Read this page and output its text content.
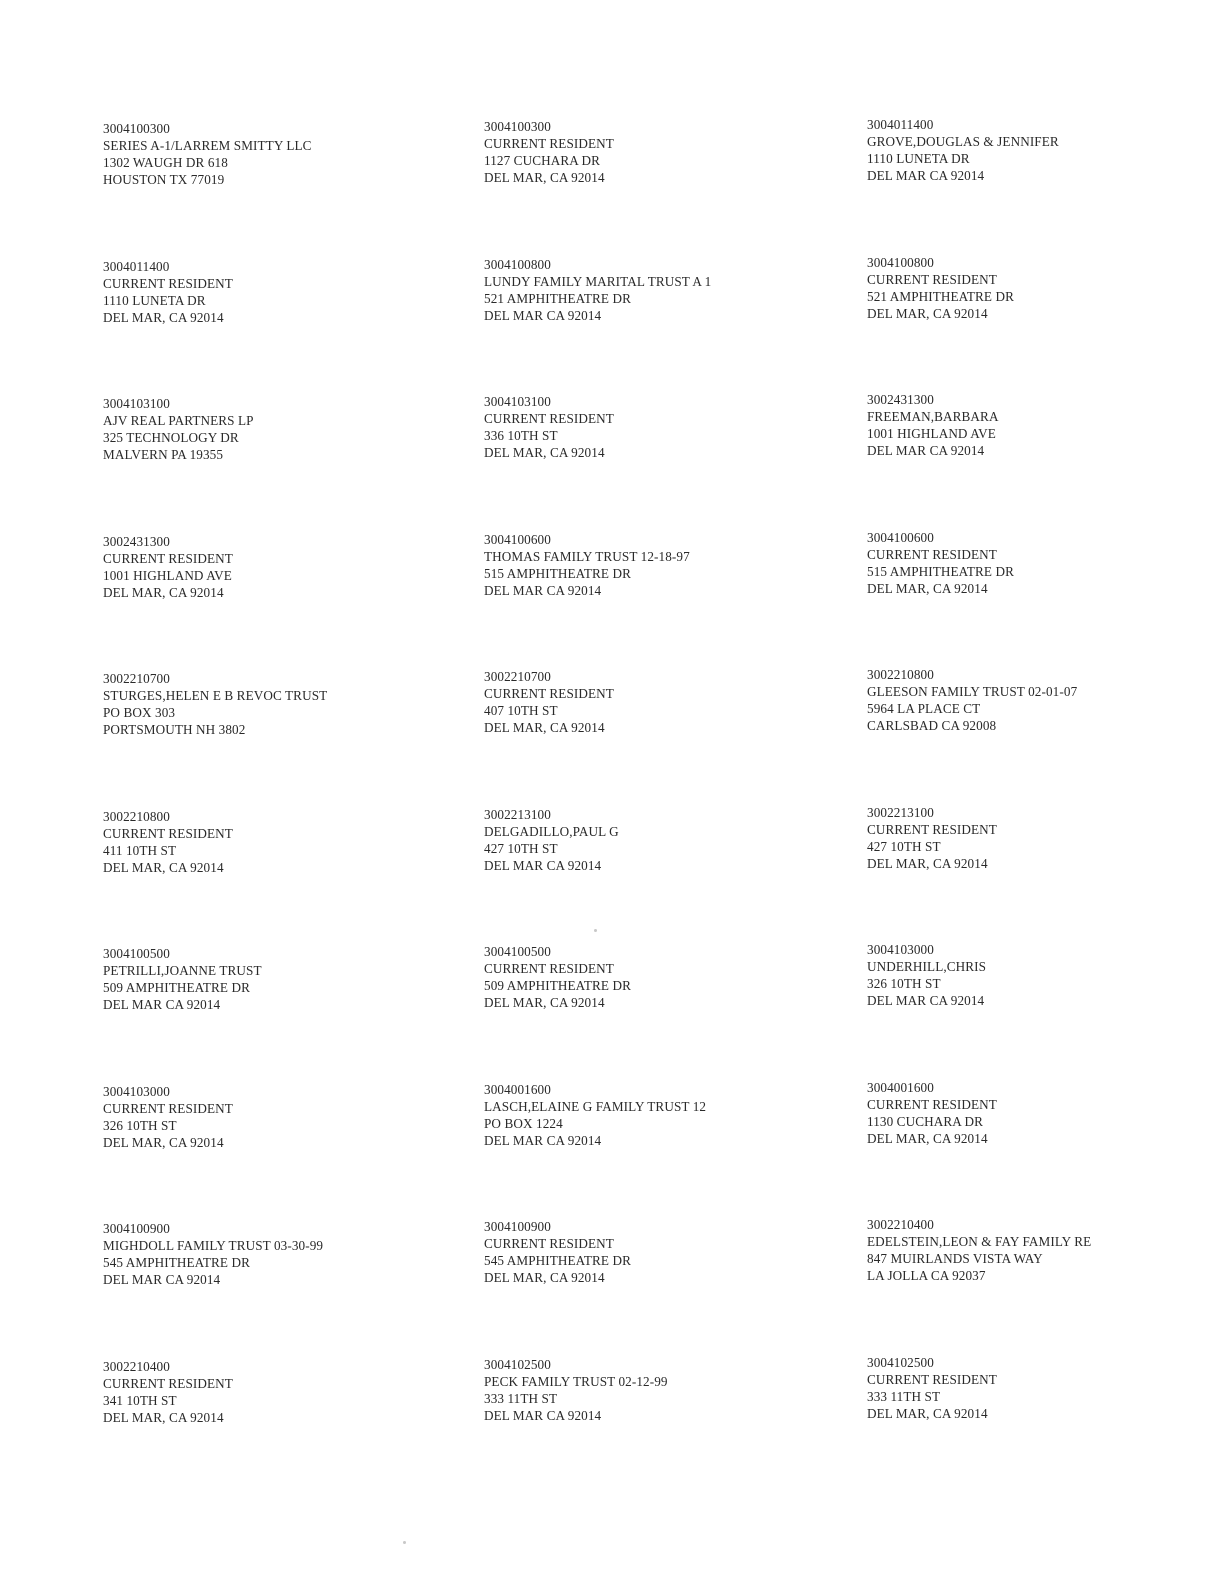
3004100300
SERIES A-1/LARREM SMITTY LLC
1302 WAUGH DR 618
HOUSTON TX 77019
3004011400
CURRENT RESIDENT
1110 LUNETA DR
DEL MAR, CA 92014
3004103100
AJV REAL PARTNERS LP
325 TECHNOLOGY DR
MALVERN PA 19355
3002431300
CURRENT RESIDENT
1001 HIGHLAND AVE
DEL MAR, CA 92014
3002210700
STURGES,HELEN E B REVOC TRUST
PO BOX 303
PORTSMOUTH NH 3802
3002210800
CURRENT RESIDENT
411 10TH ST
DEL MAR, CA 92014
3004100500
PETRILLI,JOANNE TRUST
509 AMPHITHEATRE DR
DEL MAR CA 92014
3004103000
CURRENT RESIDENT
326 10TH ST
DEL MAR, CA 92014
3004100900
MIGHDOLL FAMILY TRUST 03-30-99
545 AMPHITHEATRE DR
DEL MAR CA 92014
3002210400
CURRENT RESIDENT
341 10TH ST
DEL MAR, CA 92014
3004100300
CURRENT RESIDENT
1127 CUCHARA DR
DEL MAR, CA 92014
3004100800
LUNDY FAMILY MARITAL TRUST A 1
521 AMPHITHEATRE DR
DEL MAR CA 92014
3004103100
CURRENT RESIDENT
336 10TH ST
DEL MAR, CA 92014
3004100600
THOMAS FAMILY TRUST 12-18-97
515 AMPHITHEATRE DR
DEL MAR CA 92014
3002210700
CURRENT RESIDENT
407 10TH ST
DEL MAR, CA 92014
3002213100
DELGADILLO,PAUL G
427 10TH ST
DEL MAR CA 92014
3004100500
CURRENT RESIDENT
509 AMPHITHEATRE DR
DEL MAR, CA 92014
3004001600
LASCH,ELAINE G FAMILY TRUST 12
PO BOX 1224
DEL MAR CA 92014
3004100900
CURRENT RESIDENT
545 AMPHITHEATRE DR
DEL MAR, CA 92014
3004102500
PECK FAMILY TRUST 02-12-99
333 11TH ST
DEL MAR CA 92014
3004011400
GROVE,DOUGLAS & JENNIFER
1110 LUNETA DR
DEL MAR CA 92014
3004100800
CURRENT RESIDENT
521 AMPHITHEATRE DR
DEL MAR, CA 92014
3002431300
FREEMAN,BARBARA
1001 HIGHLAND AVE
DEL MAR CA 92014
3004100600
CURRENT RESIDENT
515 AMPHITHEATRE DR
DEL MAR, CA 92014
3002210800
GLEESON FAMILY TRUST 02-01-07
5964 LA PLACE CT
CARLSBAD CA 92008
3002213100
CURRENT RESIDENT
427 10TH ST
DEL MAR, CA 92014
3004103000
UNDERHILL,CHRIS
326 10TH ST
DEL MAR CA 92014
3004001600
CURRENT RESIDENT
1130 CUCHARA DR
DEL MAR, CA 92014
3002210400
EDELSTEIN,LEON & FAY FAMILY RE
847 MUIRLANDS VISTA WAY
LA JOLLA CA 92037
3004102500
CURRENT RESIDENT
333 11TH ST
DEL MAR, CA 92014
